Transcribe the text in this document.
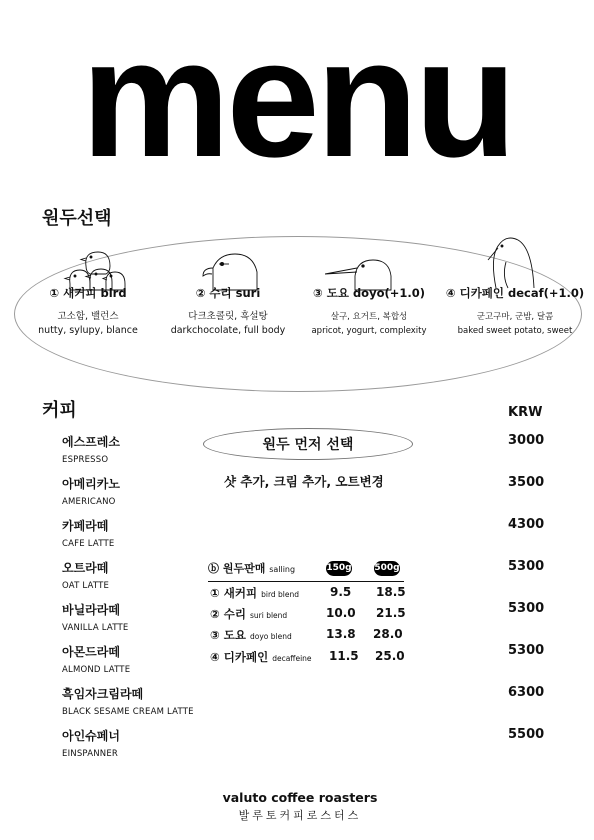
menu
원두선택
① 새커피 bird
고소함, 밸런스
nutty, sylupy, blance
② 수리 suri
다크초콜릿, 흑설탕
darkchocolate, full body
③ 도요 doyo(+1.0)
살구, 요거트, 복합성
apricot, yogurt, complexity
④ 디카페인 decaf(+1.0)
군고구마, 군밤, 달콤
baked sweet potato, sweet
커피	KRW
에스프레소
ESPRESSO
3000
아메리카노
AMERICANO
3500
카페라떼
CAFE LATTE
4300
오트라떼
OAT LATTE
5300
바닐라라떼
VANILLA LATTE
5300
아몬드라떼
ALMOND LATTE
5300
흑임자크림라떼
BLACK SESAME CREAM LATTE
6300
아인슈페너
EINSPANNER
5500
원두 먼저 선택
샷 추가, 크림 추가, 오트변경
ⓑ 원두판매 salling	150g	500g
① 새커피 bird blend	9.5 18.5
② 수리 suri blend	10.0 21.5
③ 도요 doyo blend	13.8 28.0
④ 디카페인 decaffeine 11.5 25.0
valuto coffee roasters
발루토커피로스터스
